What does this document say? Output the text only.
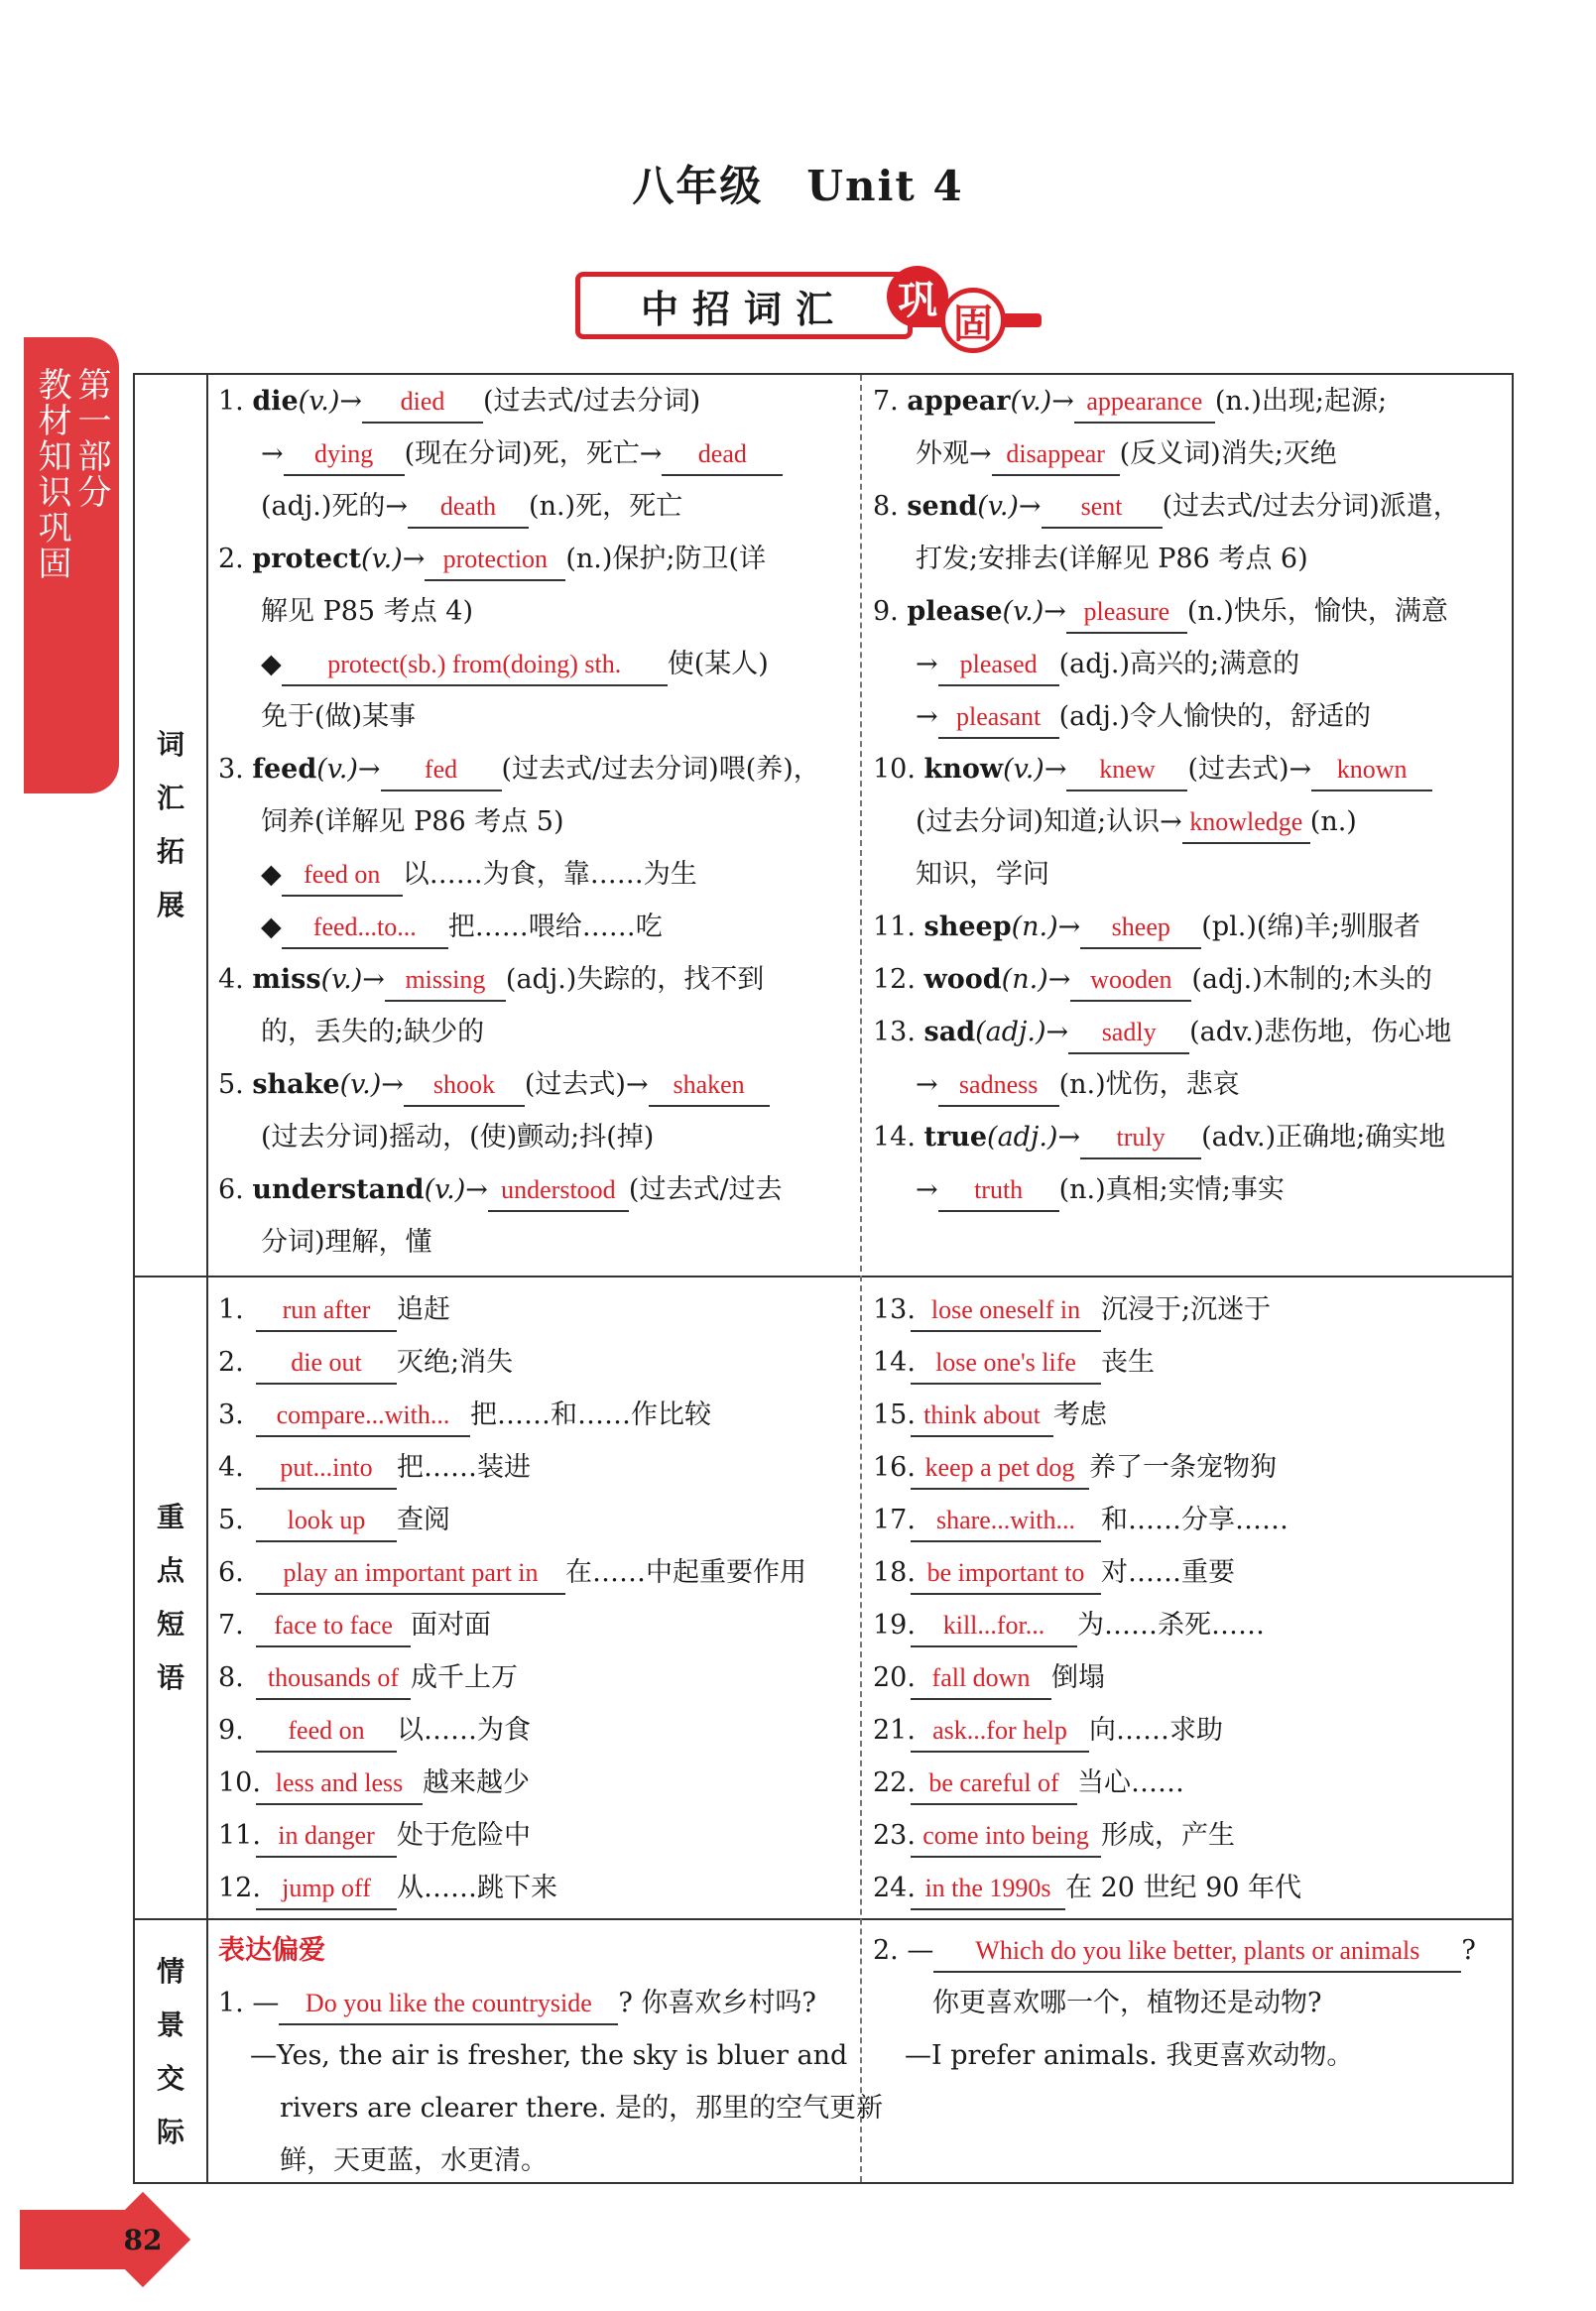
八年级　Unit 4
中招词汇	巩
固
第一部分
教材知识巩固
词
汇
拓
展
重
点
短
语
情
景
交
际
1. die(v.)→ died (过去式/过去分词)
→ dying (现在分词)死，死亡→ dead
(adj.)死的→ death (n.)死，死亡
2. protect(v.)→ protection (n.)保护;防卫(详
解见 P85 考点 4)
◆ protect(sb.) from(doing) sth. 使(某人)
免于(做)某事
3. feed(v.)→ fed (过去式/过去分词)喂(养)，
饲养(详解见 P86 考点 5)
◆ feed on 以……为食，靠……为生
◆ feed...to... 把……喂给……吃
4. miss(v.)→ missing (adj.)失踪的，找不到
的，丢失的;缺少的
5. shake(v.)→ shook (过去式)→ shaken
(过去分词)摇动，(使)颤动;抖(掉)
6. understand(v.)→ understood (过去式/过去
分词)理解，懂
7. appear(v.)→ appearance (n.)出现;起源;
外观→ disappear (反义词)消失;灭绝
8. send(v.)→ sent (过去式/过去分词)派遣，
打发;安排去(详解见 P86 考点 6)
9. please(v.)→ pleasure (n.)快乐，愉快，满意
→ pleased (adj.)高兴的;满意的
→ pleasant (adj.)令人愉快的，舒适的
10. know(v.)→ knew (过去式)→ known
(过去分词)知道;认识→ knowledge (n.)
知识，学问
11. sheep(n.)→ sheep (pl.)(绵)羊;驯服者
12. wood(n.)→ wooden (adj.)木制的;木头的
13. sad(adj.)→ sadly (adv.)悲伤地，伤心地
→ sadness (n.)忧伤，悲哀
14. true(adj.)→ truly (adv.)正确地;确实地
→ truth (n.)真相;实情;事实
1. run after 追赶
2. die out 灭绝;消失
3. compare...with... 把……和……作比较
4. put...into 把……装进
5. look up 查阅
6. play an important part in 在……中起重要作用
7. face to face 面对面
8. thousands of 成千上万
9. feed on 以……为食
10. less and less 越来越少
11. in danger 处于危险中
12. jump off 从……跳下来
13. lose oneself in 沉浸于;沉迷于
14. lose one's life 丧生
15. think about 考虑
16. keep a pet dog 养了一条宠物狗
17. share...with... 和……分享……
18. be important to 对……重要
19. kill...for... 为……杀死……
20. fall down 倒塌
21. ask...for help 向……求助
22. be careful of 当心……
23. come into being 形成，产生
24. in the 1990s 在 20 世纪 90 年代
表达偏爱
1. — Do you like the countryside ? 你喜欢乡村吗?
—Yes, the air is fresher, the sky is bluer and
rivers are clearer there. 是的，那里的空气更新
鲜，天更蓝，水更清。
2. — Which do you like better, plants or animals ?
你更喜欢哪一个，植物还是动物?
—I prefer animals. 我更喜欢动物。
82
